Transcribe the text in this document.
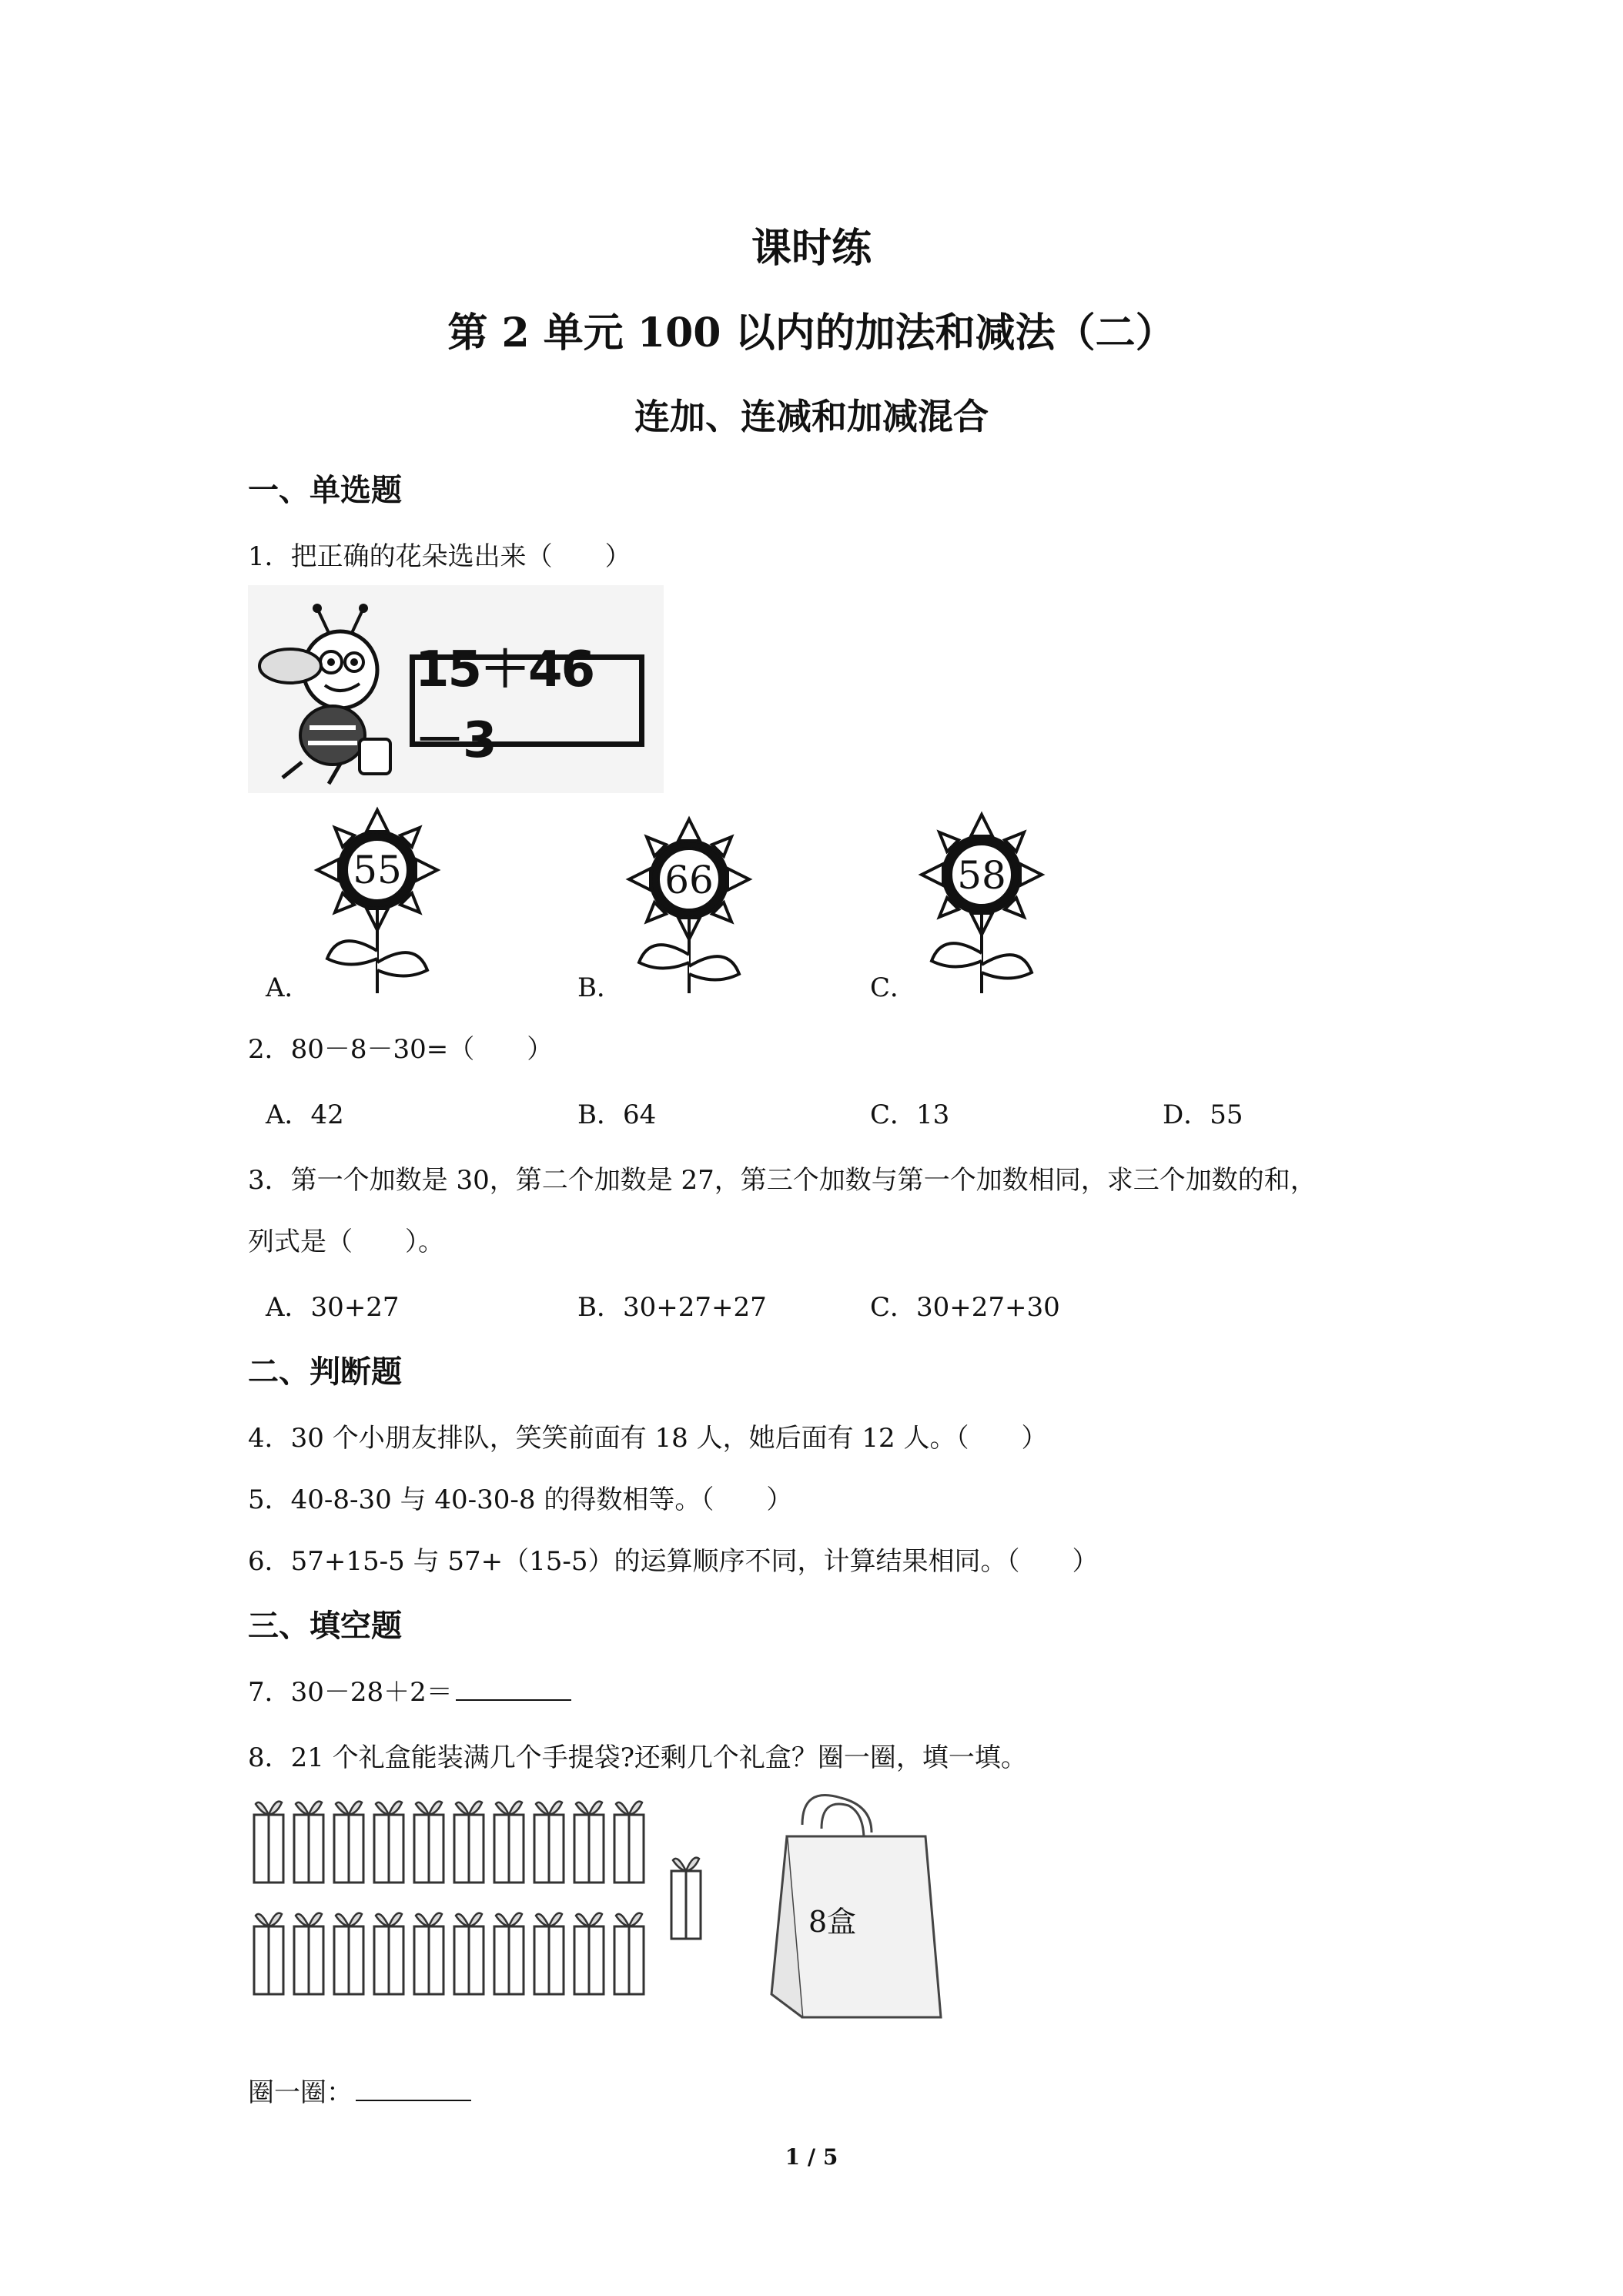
课时练
第 2 单元 100 以内的加法和减法（二）
连加、连减和加减混合
一、单选题
1．把正确的花朵选出来（　　）
15＋46－3
A．	B．	C．
55	66	58
2．80－8－30=（　　）
A．42	B．64	C．13	D．55
3．第一个加数是 30，第二个加数是 27，第三个加数与第一个加数相同，求三个加数的和，
列式是（　　）。
A．30+27	B．30+27+27	C．30+27+30
二、判断题
4．30 个小朋友排队，笑笑前面有 18 人，她后面有 12 人。（　　）
5．40-8-30 与 40-30-8 的得数相等。（　　）
6．57+15-5 与 57+（15-5）的运算顺序不同，计算结果相同。（　　）
三、填空题
7．30－28＋2＝
8．21 个礼盒能装满几个手提袋?还剩几个礼盒？圈一圈，填一填。
8盒
圈一圈：
1 / 5
